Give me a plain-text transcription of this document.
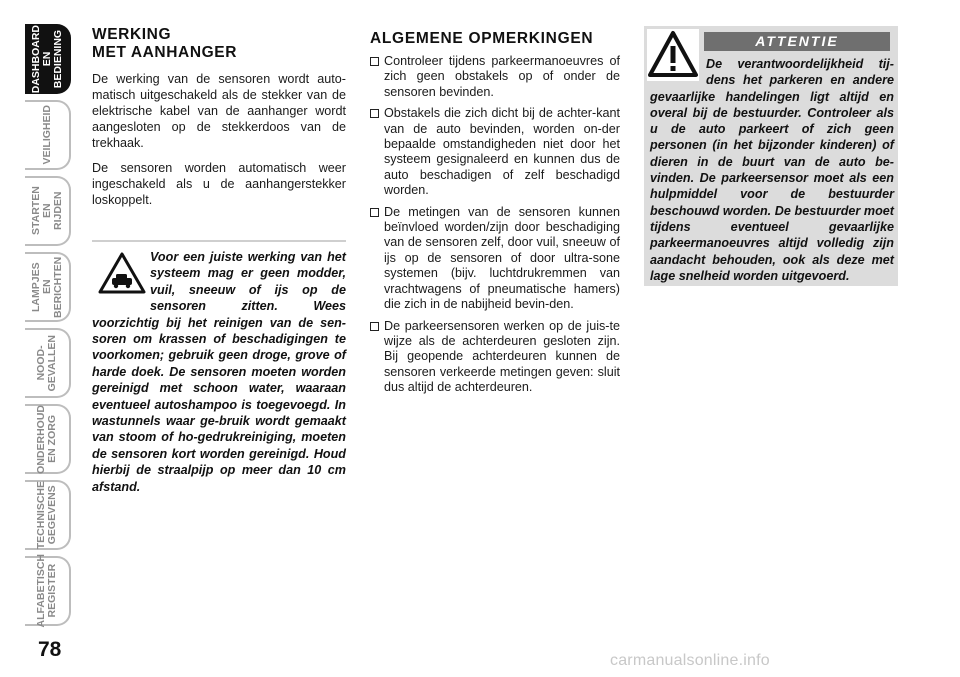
DASHBOARD
EN BEDIENING
VEILIGHEID
STARTEN EN
RIJDEN
LAMPJES EN
BERICHTEN
NOOD-
GEVALLEN
ONDERHOUD
EN ZORG
TECHNISCHE
GEGEVENS
ALFABETISCH
REGISTER
78
WERKING
MET AANHANGER

De werking van de sensoren wordt auto-matisch uitgeschakeld als de stekker van de elektrische kabel van de aanhanger wordt aangesloten op de stekkerdoos van de trekhaak.

De sensoren worden automatisch weer ingeschakeld als u de aanhangerstekker loskoppelt.

Voor een juiste werking van het systeem mag er geen modder, vuil, sneeuw of ijs op de sensoren zitten. Wees voorzichtig bij het reinigen van de sen-soren om krassen of beschadigingen te voorkomen; gebruik geen droge, grove of harde doek. De sensoren moeten worden gereinigd met schoon water, waaraan eventueel autoshampoo is toegevoegd. In wastunnels waar ge-bruik wordt gemaakt van stoom of ho-gedrukreiniging, moeten de sensoren kort worden gereinigd. Houd hierbij de straalpijp op meer dan 10 cm afstand.
ALGEMENE OPMERKINGEN
Controleer tijdens parkeermanoeuvres of zich geen obstakels op of onder de sensoren bevinden.
Obstakels die zich dicht bij de achter-kant van de auto bevinden, worden on-der bepaalde omstandigheden niet door het systeem gesignaleerd en kunnen dus de auto beschadigen of zelf beschadigd worden.
De metingen van de sensoren kunnen beïnvloed worden/zijn door beschadiging van de sensoren zelf, door vuil, sneeuw of ijs op de sensoren of door ultra-sone systemen (bijv. luchtdrukremmen van vrachtwagens of pneumatische hamers) die zich in de nabijheid bevin-den.
De parkeersensoren werken op de juis-te wijze als de achterdeuren gesloten zijn. Bij geopende achterdeuren kunnen de sensoren verkeerde metingen geven: sluit dus altijd de achterdeuren.
ATTENTIE
De verantwoordelijkheid tij-dens het parkeren en andere gevaarlijke handelingen ligt altijd en overal bij de bestuurder. Controleer als u de auto parkeert of zich geen personen (in het bijzonder kinderen) of dieren in de buurt van de auto be-vinden. De parkeersensor moet als een hulpmiddel voor de bestuurder beschouwd worden. De bestuurder moet tijdens eventueel gevaarlijke parkeermanoeuvres altijd volledig zijn aandacht behouden, ook als deze met lage snelheid worden uitgevoerd.
carmanualsonline.info
